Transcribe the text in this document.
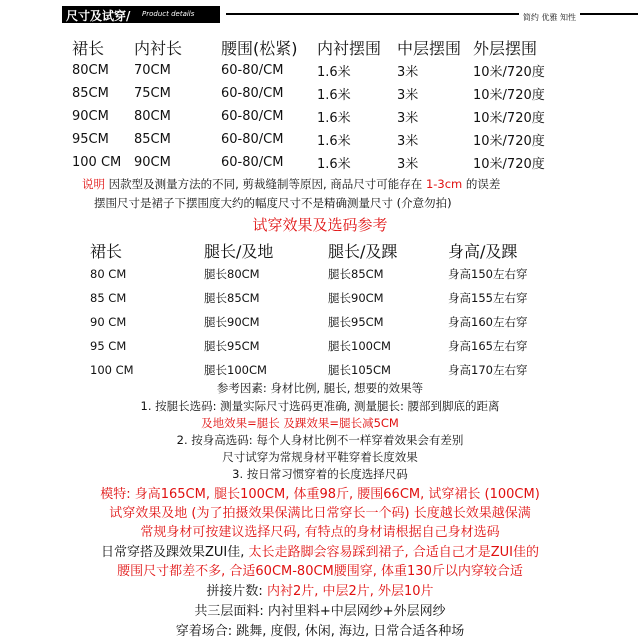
尺寸及试穿/ Product details	简约 优雅 知性
裙长	内衬长	腰围(松紧)	内衬摆围	中层摆围	外层摆围
80CM	70CM	60-80/CM	1.6米	3米	10米/720度
85CM	75CM	60-80/CM	1.6米	3米	10米/720度
90CM	80CM	60-80/CM	1.6米	3米	10米/720度
95CM	85CM	60-80/CM	1.6米	3米	10米/720度
100 CM	90CM	60-80/CM	1.6米	3米	10米/720度
说明 因款型及测量方法的不同, 剪裁缝制等原因, 商品尺寸可能存在 1-3cm 的误差
摆围尺寸是裙子下摆围度大约的幅度尺寸不是精确测量尺寸 (介意勿拍)
试穿效果及选码参考
裙长	腿长/及地	腿长/及踝	身高/及踝
80 CM	腿长80CM	腿长85CM	身高150左右穿
85 CM	腿长85CM	腿长90CM	身高155左右穿
90 CM	腿长90CM	腿长95CM	身高160左右穿
95 CM	腿长95CM	腿长100CM	身高165左右穿
100 CM	腿长100CM	腿长105CM	身高170左右穿
参考因素: 身材比例, 腿长, 想要的效果等
1. 按腿长选码: 测量实际尺寸选码更准确, 测量腿长: 腰部到脚底的距离
及地效果=腿长 及踝效果=腿长减5CM
2. 按身高选码: 每个人身材比例不一样穿着效果会有差别
尺寸试穿为常规身材平鞋穿着长度效果
3. 按日常习惯穿着的长度选择尺码
模特: 身高165CM, 腿长100CM, 体重98斤, 腰围66CM, 试穿裙长 (100CM)
试穿效果及地 (为了拍摄效果保满比日常穿长一个码) 长度越长效果越保满
常规身材可按建议选择尺码, 有特点的身材请根据自己身材选码
日常穿搭及踝效果ZUI佳, 太长走路脚会容易踩到裙子, 合适自己才是ZUI佳的
腰围尺寸都差不多, 合适60CM-80CM腰围穿, 体重130斤以内穿较合适
拼接片数: 内衬2片, 中层2片, 外层10片
共三层面料: 内衬里料+中层网纱+外层网纱
穿着场合: 跳舞, 度假, 休闲, 海边, 日常合适各种场
